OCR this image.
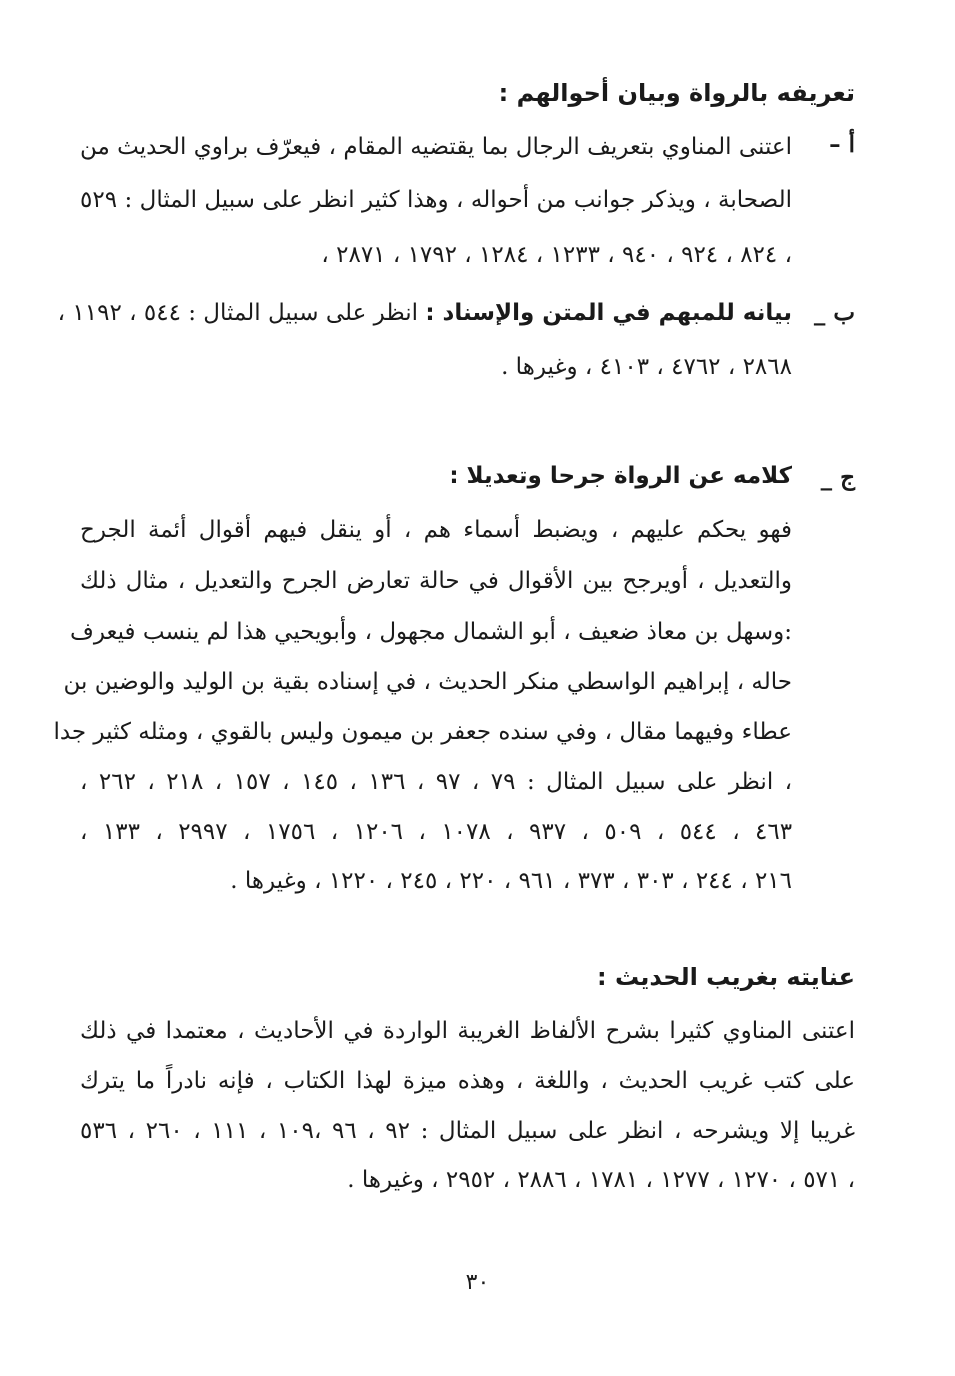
تعريفه بالرواة وبيان أحوالهم :
أ –
اعتنى المناوي بتعريف الرجال بما يقتضيه المقام ، فيعرّف براوي الحديث من
الصحابة ، ويذكر جوانب من أحواله ، وهذا كثير انظر على سبيل المثال : ٥٢٩
، ٨٢٤ ، ٩٢٤ ، ٩٤٠ ، ١٢٣٣ ، ١٢٨٤ ، ١٧٩٢ ، ٢٨٧١ ،
ب _
بيانه للمبهم في المتن والإسناد : انظر على سبيل المثال : ٥٤٤ ، ١١٩٢ ،
٢٨٦٨ ، ٤٧٦٢ ، ٤١٠٣ ، وغيرها .
ج _
كلامه عن الرواة جرحا وتعديلا :
فهو يحكم عليهم ، ويضبط أسماء هم ، أو ينقل فيهم أقوال أئمة الجرح
والتعديل ، أويرجح بين الأقوال في حالة تعارض الجرح والتعديل ، مثال ذلك
:وسهل بن معاذ ضعيف ، أبو الشمال مجهول ، وأبويحيي هذا لم ينسب فيعرف
حاله ، إبراهيم الواسطي منكر الحديث ، في إسناده بقية بن الوليد والوضين بن
عطاء وفيهما مقال ، وفي سنده جعفر بن ميمون وليس بالقوي ، ومثله كثير جدا
، انظر على سبيل المثال : ٧٩ ، ٩٧ ، ١٣٦ ، ١٤٥ ، ١٥٧ ، ٢١٨ ، ٢٦٢ ،
٤٦٣ ، ٥٤٤ ، ٥٠٩ ، ٩٣٧ ، ١٠٧٨ ، ١٢٠٦ ، ١٧٥٦ ، ٢٩٩٧ ، ١٣٣ ،
٢١٦ ، ٢٤٤ ، ٣٠٣ ، ٣٧٣ ، ٩٦١ ، ٢٢٠ ، ٢٤٥ ، ١٢٢٠ ، وغيرها .
عنايته بغريب الحديث :
اعتنى المناوي كثيرا بشرح الألفاظ الغريبة الواردة في الأحاديث ، معتمدا في ذلك
على كتب غريب الحديث ، واللغة ، وهذه ميزة لهذا الكتاب ، فإنه نادراً ما يترك
غريبا إلا ويشرحه ، انظر على سبيل المثال : ٩٢ ، ٩٦ ،١٠٩ ، ١١١ ، ٢٦٠ ، ٥٣٦
، ٥٧١ ، ١٢٧٠ ، ١٢٧٧ ، ١٧٨١ ، ٢٨٨٦ ، ٢٩٥٢ ، وغيرها .
٣٠
